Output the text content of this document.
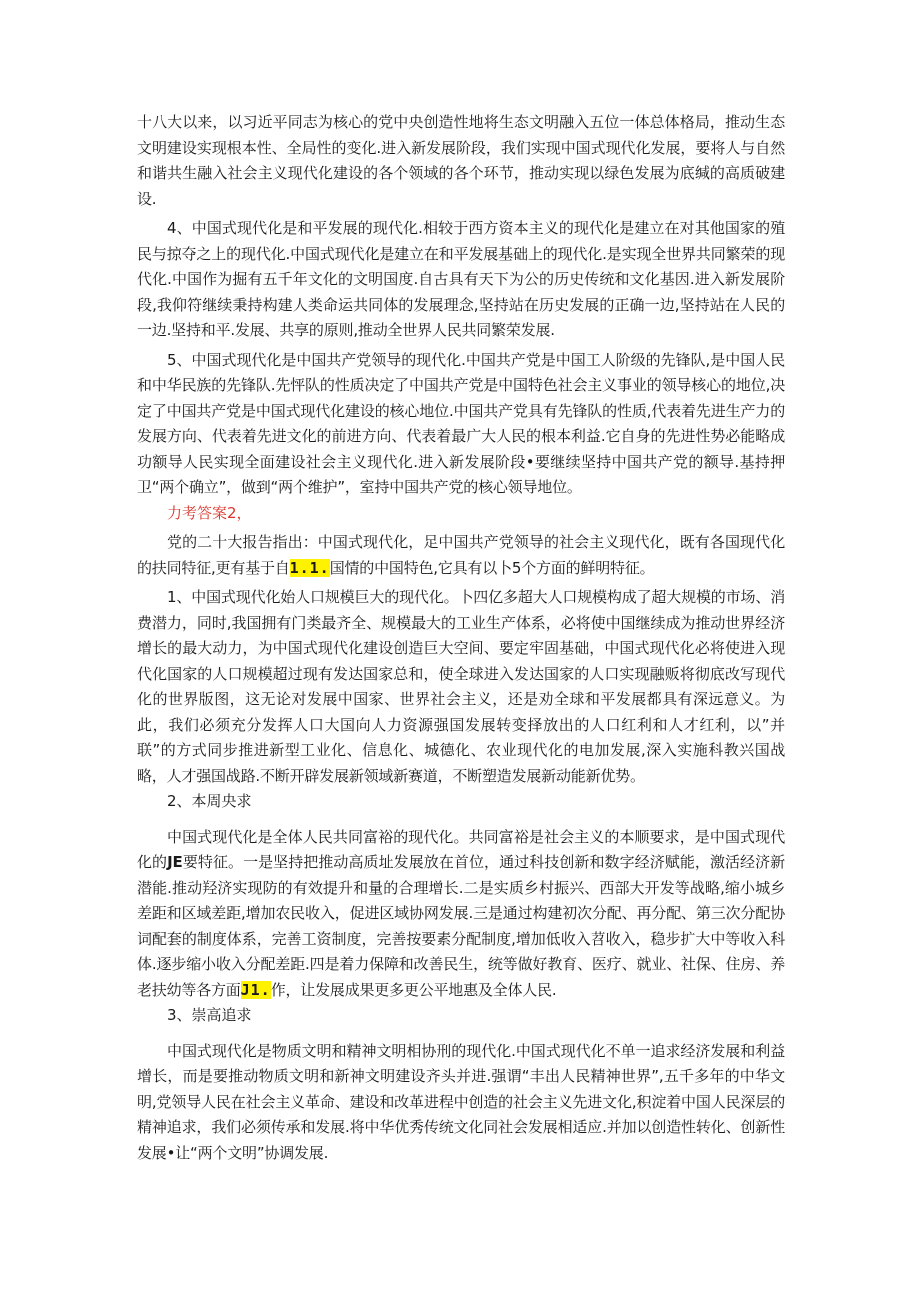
十八大以来，以习近平同志为核心的党中央创造性地将生态文明融入五位一体总体格局，推动生态文明建设实现根本性、全局性的变化.进入新发展阶段，我们实现中国式现代化发展，要将人与自然和谐共生融入社会主义现代化建设的各个领域的各个环节，推动实现以绿色发展为底缄的高质破建设.

4、中国式现代化是和平发展的现代化.相较于西方资本主义的现代化是建立在对其他国家的殖民与掠夺之上的现代化.中国式现代化是建立在和平发展基础上的现代化.是实现全世界共同繁荣的现代化.中国作为掘有五千年文化的文明国度.自古具有天下为公的历史传统和文化基因.进入新发展阶段,我仰符继续秉持构建人类命运共同体的发展理念,坚持站在历史发展的正确一边,坚持站在人民的一边.坚持和平.发展、共享的原则,推动全世界人民共同繁荣发展.

5、中国式现代化是中国共产党领导的现代化.中国共产党是中国工人阶级的先锋队,是中国人民和中华民族的先锋队.先怦队的性质决定了中国共产党是中国特色社会主义事业的领导核心的地位,决定了中国共产党是中国式现代化建设的核心地位.中国共产党具有先锋队的性质,代表着先进生产力的发展方向、代表着先进文化的前进方向、代表着最广大人民的根本利益.它自身的先进性势必能略成功额导人民实现全面建设社会主义现代化.进入新发展阶段•要继续坚持中国共产党的额导.基持押卫“两个确立”，做到“两个维护”，室持中国共产党的核心领导地位。

力考答案2，

党的二十大报告指出：中国式现代化，足中国共产党领导的社会主义现代化，既有各国现代化的扶同特征,更有基于自1.1.国情的中国特色,它具有以卜5个方面的鲜明特征。

1、中国式现代化始人口规模巨大的现代化。卜四亿多超大人口规模构成了超大规模的市场、消费潜力，同时,我国拥有门类最齐全、规模最大的工业生产体系，必将使中国继续成为推动世界经济增长的最大动力，为中国式现代化建设创造巨大空间、要定牢固基础，中国式现代化必将使进入现代化国家的人口规模超过现有发达国家总和，使全球进入发达国家的人口实现融贩将彻底改写现代化的世界版图，这无论对发展中国家、世界社会主义，还是劝全球和平发展都具有深远意义。为此，我们必须充分发挥人口大国向人力资源强国发展转变择放出的人口红利和人才红利，以”并联”的方式同步推进新型工业化、信息化、城德化、农业现代化的电加发展,深入实施科教兴国战略，人才强国战路.不断开辟发展新领域新赛道，不断塑造发展新动能新优势。

2、本周央求

中国式现代化是全体人民共同富裕的现代化。共同富裕是社会主义的本顺要求，是中国式现代化的JE要特征。一是坚持把推动高质址发展放在首位，通过科技创新和数字经济赋能，激活经济新潜能.推动羟济实现防的有效提升和量的合理增长.二是实质乡村振兴、西部大开发等战略,缩小城乡差距和区域差距,增加农民收入，促进区域协网发展.三是通过构建初次分配、再分配、第三次分配协词配套的制度体系，完善工资制度，完善按要素分配制度,增加低收入苕收入，稳步扩大中等收入科体.逐步缩小收入分配差距.四是着力保障和改善民生，统等做好教育、医疗、就业、社保、住房、养老扶幼等各方面J1.作，让发展成果更多更公平地惠及全体人民.

3、崇高追求

中国式现代化是物质文明和精神文明相协刑的现代化.中国式现代化不单一追求经济发展和利益增长，而是要推动物质文明和新神文明建设齐头并进.强谓“丰出人民精神世界”,五千多年的中华文明,党领导人民在社会主义革命、建设和改革进程中创造的社会主义先进文化,积淀着中国人民深层的精神追求，我们必须传承和发展.将中华优秀传统文化同社会发展相适应.并加以创造性转化、创新性发展•让“两个文明”协调发展.
